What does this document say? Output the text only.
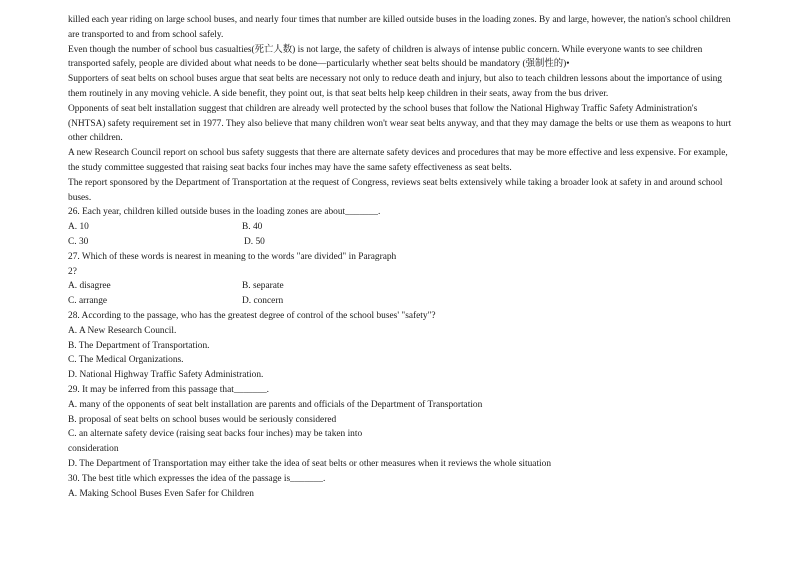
killed each year riding on large school buses, and nearly four times that number are killed outside buses in the loading zones. By and large, however, the nation's school children are transported to and from school safely.

Even though the number of school bus casualties(死亡人数) is not large, the safety of children is always of intense public concern. While everyone wants to see children transported safely, people are divided about what needs to be done—particularly whether seat belts should be mandatory (强制性的)•

Supporters of seat belts on school buses argue that seat belts are necessary not only to reduce death and injury, but also to teach children lessons about the importance of using them routinely in any moving vehicle. A side benefit, they point out, is that seat belts help keep children in their seats, away from the bus driver.

Opponents of seat belt installation suggest that children are already well protected by the school buses that follow the National Highway Traffic Safety Administration's (NHTSA) safety requirement set in 1977. They also believe that many children won't wear seat belts anyway, and that they may damage the belts or use them as weapons to hurt other children.

A new Research Council report on school bus safety suggests that there are alternate safety devices and procedures that may be more effective and less expensive. For example, the study committee suggested that raising seat backs four inches may have the same safety effectiveness as seat belts.

The report sponsored by the Department of Transportation at the request of Congress, reviews seat belts extensively while taking a broader look at safety in and around school buses.

26. Each year, children killed outside buses in the loading zones are about_______.

A. 10	B. 40
C. 30	D. 50

27. Which of these words is nearest in meaning to the words "are divided" in Paragraph

2?

A. disagree	B. separate
C. arrange	D. concern

28. According to the passage, who has the greatest degree of control of the school buses' "safety"?

A. A New Research Council.

B. The Department of Transportation.

C. The Medical Organizations.

D. National Highway Traffic Safety Administration.

29. It may be inferred from this passage that_______.

A. many of the opponents of seat belt installation are parents and officials of the Department of Transportation

B. proposal of seat belts on school buses would be seriously considered

C. an alternate safety device (raising seat backs four inches) may be taken into

consideration

D. The Department of Transportation may either take the idea of seat belts or other measures when it reviews the whole situation

30. The best title which expresses the idea of the passage is_______.

A. Making School Buses Even Safer for Children
